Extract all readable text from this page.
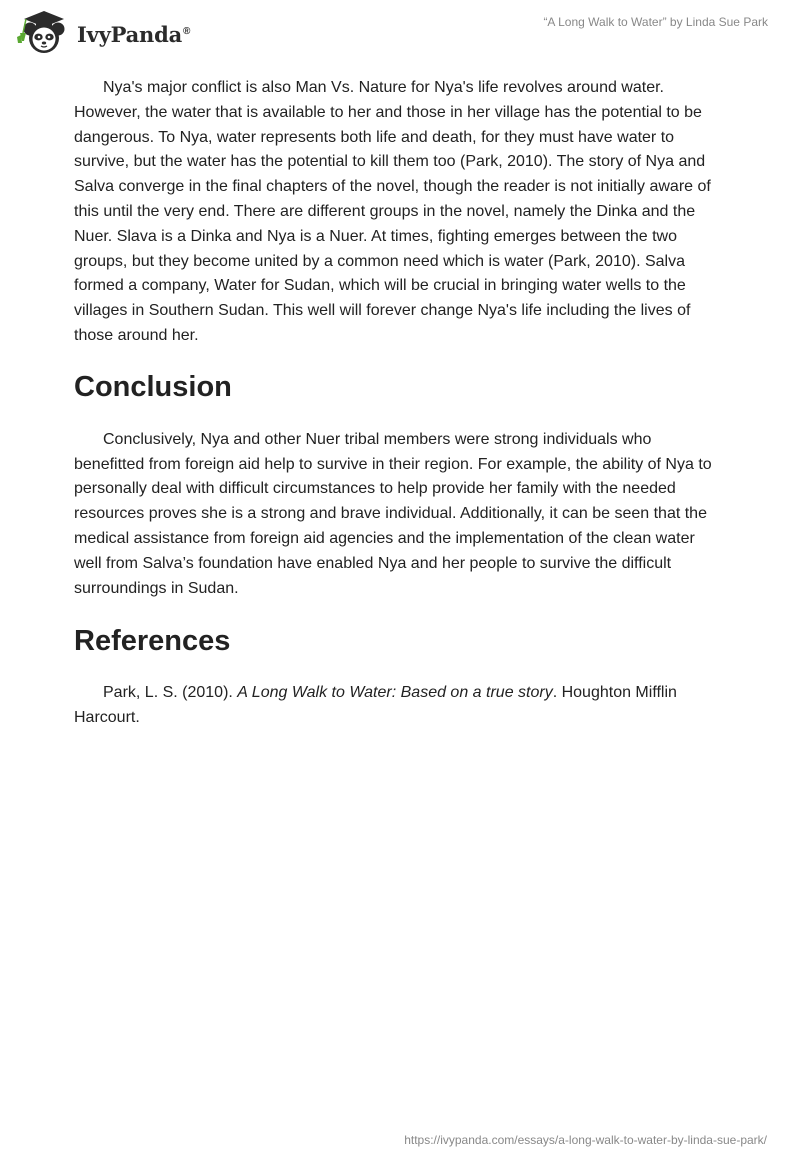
IvyPanda®
“A Long Walk to Water” by Linda Sue Park

Nya's major conflict is also Man Vs. Nature for Nya's life revolves around water. However, the water that is available to her and those in her village has the potential to be dangerous. To Nya, water represents both life and death, for they must have water to survive, but the water has the potential to kill them too (Park, 2010). The story of Nya and Salva converge in the final chapters of the novel, though the reader is not initially aware of this until the very end. There are different groups in the novel, namely the Dinka and the Nuer. Slava is a Dinka and Nya is a Nuer. At times, fighting emerges between the two groups, but they become united by a common need which is water (Park, 2010). Salva formed a company, Water for Sudan, which will be crucial in bringing water wells to the villages in Southern Sudan. This well will forever change Nya's life including the lives of those around her.

Conclusion

Conclusively, Nya and other Nuer tribal members were strong individuals who benefitted from foreign aid help to survive in their region. For example, the ability of Nya to personally deal with difficult circumstances to help provide her family with the needed resources proves she is a strong and brave individual. Additionally, it can be seen that the medical assistance from foreign aid agencies and the implementation of the clean water well from Salva’s foundation have enabled Nya and her people to survive the difficult surroundings in Sudan.

References

Park, L. S. (2010). A Long Walk to Water: Based on a true story. Houghton Mifflin Harcourt.

https://ivypanda.com/essays/a-long-walk-to-water-by-linda-sue-park/
